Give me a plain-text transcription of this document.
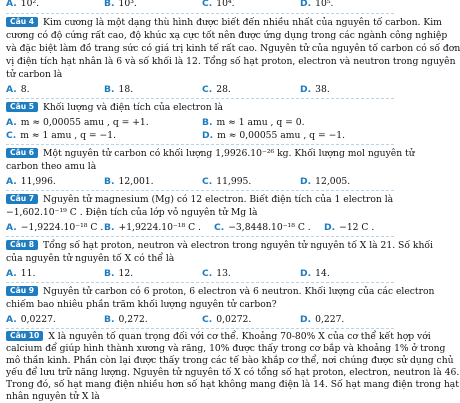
A. 10².	B. 10³.	C. 10⁴.	D. 10⁵.
Câu 4 Kim cương là một dạng thù hình được biết đến nhiều nhất của nguyên tố carbon. Kim
cương có độ cứng rất cao, độ khúc xạ cực tốt nên được ứng dụng trong các ngành công nghiệp
và đặc biệt làm đồ trang sức có giá trị kinh tế rất cao. Nguyên tử của nguyên tố carbon có số đơn
vị điện tích hạt nhân là 6 và số khối là 12. Tổng số hạt proton, electron và neutron trong nguyên
tử carbon là
A. 8.	B. 18.	C. 28.	D. 38.
Câu 5 Khối lượng và điện tích của electron là
A. m ≈ 0,00055 amu , q = +1.	B. m ≈ 1 amu , q = 0.
C. m ≈ 1 amu , q = −1.	D. m ≈ 0,00055 amu , q = −1.
Câu 6 Một nguyên tử carbon có khối lượng 1,9926.10⁻²⁶ kg. Khối lượng mol nguyên tử
carbon theo amu là
A. 11,996.	B. 12,001.	C. 11,995.	D. 12,005.
Câu 7 Nguyên tử magnesium (Mg) có 12 electron. Biết điện tích của 1 electron là
−1,602.10⁻¹⁹ C . Điện tích của lớp vỏ nguyên tử Mg là
A. −1,9224.10⁻¹⁸ C . B. +1,9224.10⁻¹⁸ C . C. −3,8448.10⁻¹⁸ C . D. −12 C .
Câu 8 Tổng số hạt proton, neutron và electron trong nguyên tử nguyên tố X là 21. Số khối
của nguyên tử nguyên tố X có thể là
A. 11.	B. 12.	C. 13.	D. 14.
Câu 9 Nguyên tử carbon có 6 proton, 6 electron và 6 neutron. Khối lượng của các electron
chiếm bao nhiêu phần trăm khối lượng nguyên tử carbon?
A. 0,0227.	B. 0,272.	C. 0,0272.	D. 0,227.
Câu 10 X là nguyên tố quan trọng đối với cơ thể. Khoảng 70-80% X của cơ thể kết hợp với
calcium để giúp hình thành xương và răng, 10% được thấy trong cơ bắp và khoảng 1% ở trong
mô thần kinh. Phần còn lại được thấy trong các tế bào khắp cơ thể, nơi chúng được sử dụng chủ
yếu để lưu trữ năng lượng. Nguyên tử nguyên tố X có tổng số hạt proton, electron, neutron là 46.
Trong đó, số hạt mang điện nhiều hơn số hạt không mang điện là 14. Số hạt mang điện trong hạt
nhân nguyên tử X là
